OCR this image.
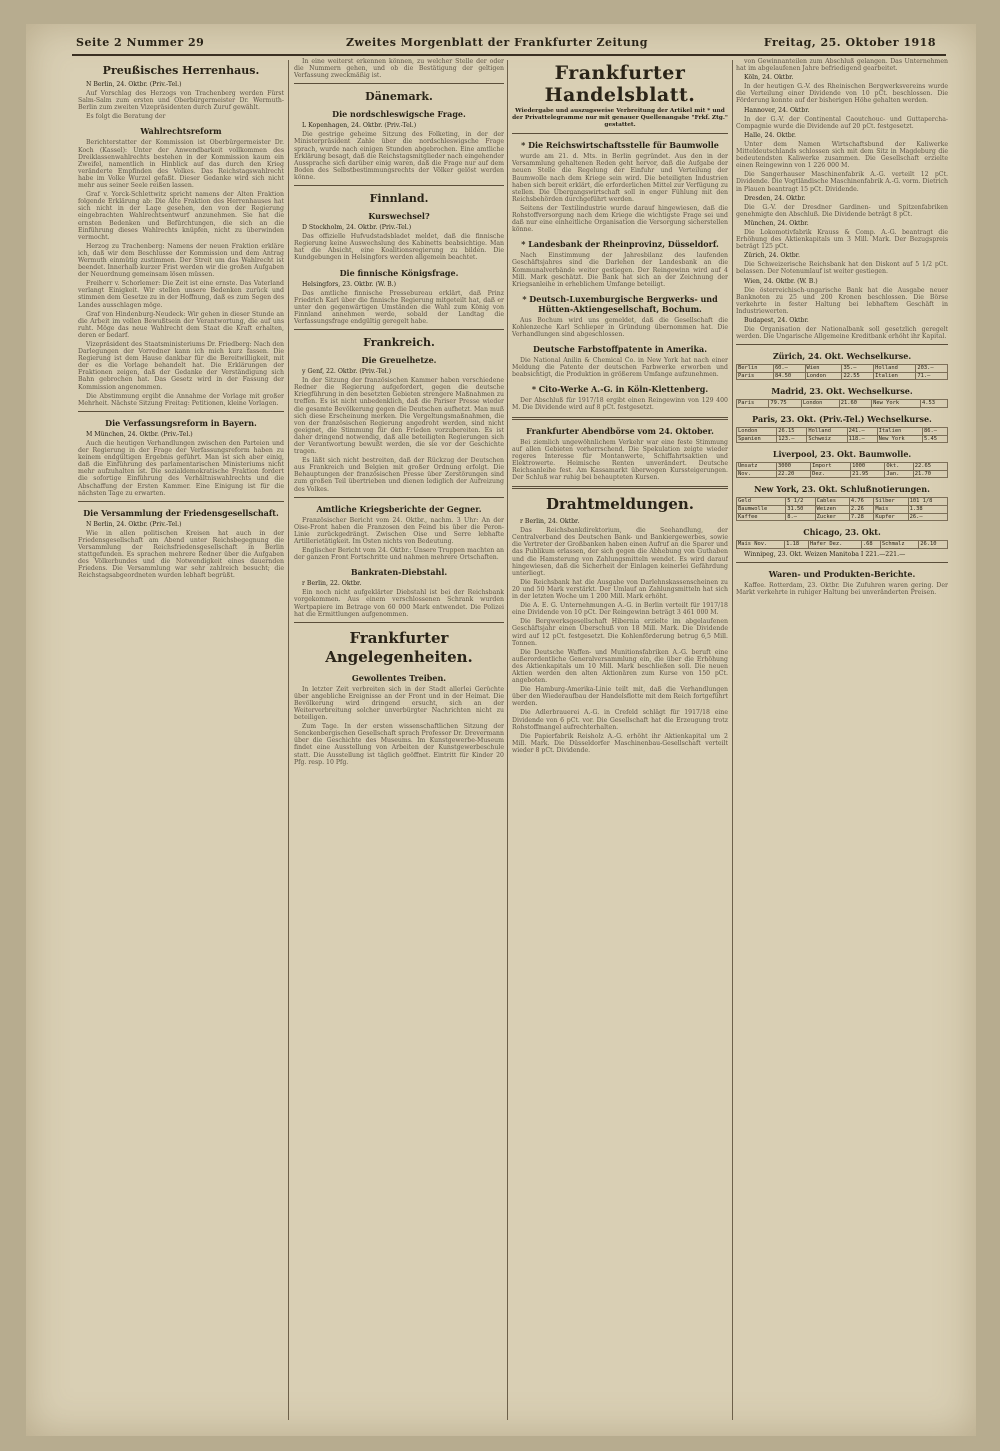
Seite 2 Nummer 29	Zweites Morgenblatt der Frankfurter Zeitung	Freitag, 25. Oktober 1918
Preußisches Herrenhaus.

N Berlin, 24. Oktbr. (Priv.-Tel.)

Auf Vorschlag des Herzogs von Trachenberg werden Fürst Salm-Salm zum ersten und Oberbürgermeister Dr. Wermuth-Berlin zum zweiten Vizepräsidenten durch Zuruf gewählt.

Es folgt die Beratung der

Wahlrechtsreform

Berichterstatter der Kommission ist Oberbürgermeister Dr. Koch (Kassel): Unter der Anwendbarkeit vollkommen des Dreiklassenwahlrechts bestehen in der Kommission kaum ein Zweifel, namentlich in Hinblick auf das durch den Krieg veränderte Empfinden des Volkes. Das Reichstagswahlrecht habe im Volke Wurzel gefaßt. Dieser Gedanke wird sich nicht mehr aus seiner Seele reißen lassen.

Graf v. Yorck-Schlettwitz spricht namens der Alten Fraktion folgende Erklärung ab: Die Alte Fraktion des Herrenhauses hat sich nicht in der Lage gesehen, den von der Regierung eingebrachten Wahlrechtsentwurf anzunehmen. Sie hat die ernsten Bedenken und Befürchtungen, die sich an die Einführung dieses Wahlrechts knüpfen, nicht zu überwinden vermocht.

Herzog zu Trachenberg: Namens der neuen Fraktion erkläre ich, daß wir dem Beschlusse der Kommission und dem Antrag Wermuth einmütig zustimmen. Der Streit um das Wahlrecht ist beendet. Innerhalb kurzer Frist werden wir die großen Aufgaben der Neuordnung gemeinsam lösen müssen.

Freiherr v. Schorlemer: Die Zeit ist eine ernste. Das Vaterland verlangt Einigkeit. Wir stellen unsere Bedenken zurück und stimmen dem Gesetze zu in der Hoffnung, daß es zum Segen des Landes ausschlagen möge.

Graf von Hindenburg-Neudeck: Wir gehen in dieser Stunde an die Arbeit im vollen Bewußtsein der Verantwortung, die auf uns ruht. Möge das neue Wahlrecht dem Staat die Kraft erhalten, deren er bedarf.

Vizepräsident des Staatsministeriums Dr. Friedberg: Nach den Darlegungen der Vorredner kann ich mich kurz fassen. Die Regierung ist dem Hause dankbar für die Bereitwilligkeit, mit der es die Vorlage behandelt hat. Die Erklärungen der Fraktionen zeigen, daß der Gedanke der Verständigung sich Bahn gebrochen hat. Das Gesetz wird in der Fassung der Kommission angenommen.

Die Abstimmung ergibt die Annahme der Vorlage mit großer Mehrheit. Nächste Sitzung Freitag: Petitionen, kleine Vorlagen.

Die Verfassungsreform in Bayern.

M München, 24. Oktbr. (Priv.-Tel.)

Auch die heutigen Verhandlungen zwischen den Parteien und der Regierung in der Frage der Verfassungsreform haben zu keinem endgültigen Ergebnis geführt. Man ist sich aber einig, daß die Einführung des parlamentarischen Ministeriums nicht mehr aufzuhalten ist. Die sozialdemokratische Fraktion fordert die sofortige Einführung des Verhältniswahlrechts und die Abschaffung der Ersten Kammer. Eine Einigung ist für die nächsten Tage zu erwarten.

Die Versammlung der Friedensgesellschaft.

N Berlin, 24. Oktbr. (Priv.-Tel.)

Wie in allen politischen Kreisen hat auch in der Friedensgesellschaft am Abend unter Reichsbegegnung die Versammlung der Reichsfriedensgesellschaft in Berlin stattgefunden. Es sprachen mehrere Redner über die Aufgaben des Völkerbundes und die Notwendigkeit eines dauernden Friedens. Die Versammlung war sehr zahlreich besucht; die Reichstagsabgeordneten wurden lebhaft begrüßt.

In eine weiterst erkennen können, zu welcher Stelle der oder die Nummern gehen, und ob die Bestätigung der geltigen Verfassung zweckmäßig ist.

Dänemark.
Die nordschleswigsche Frage.

L Kopenhagen, 24. Oktbr. (Priv.-Tel.)

Die gestrige geheime Sitzung des Folketing, in der der Ministerpräsident Zahle über die nordschleswigsche Frage sprach, wurde nach einigen Stunden abgebrochen. Eine amtliche Erklärung besagt, daß die Reichstagsmitglieder nach eingehender Aussprache sich darüber einig waren, daß die Frage nur auf dem Boden des Selbstbestimmungsrechts der Völker gelöst werden könne.

Finnland.
Kurswechsel?

D Stockholm, 24. Oktbr. (Priv.-Tel.)

Das offizielle Hufvudstadsbladet meldet, daß die finnische Regierung keine Auswechslung des Kabinetts beabsichtige. Man hat die Absicht, eine Koalitionsregierung zu bilden. Die Kundgebungen in Helsingfors werden allgemein beachtet.

Die finnische Königsfrage.

Helsingfors, 23. Oktbr. (W. B.)

Das amtliche finnische Pressebureau erklärt, daß Prinz Friedrich Karl über die finnische Regierung mitgeteilt hat, daß er unter den gegenwärtigen Umständen die Wahl zum König von Finnland annehmen werde, sobald der Landtag die Verfassungsfrage endgültig geregelt habe.

Frankreich.
Die Greuelhetze.

y Genf, 22. Oktbr. (Priv.-Tel.)

In der Sitzung der französischen Kammer haben verschiedene Redner die Regierung aufgefordert, gegen die deutsche Kriegführung in den besetzten Gebieten strengere Maßnahmen zu treffen. Es ist nicht unbedenklich, daß die Pariser Presse wieder die gesamte Bevölkerung gegen die Deutschen aufhetzt. Man muß sich diese Erscheinung merken. Die Vergeltungsmaßnahmen, die von der französischen Regierung angedroht werden, sind nicht geeignet, die Stimmung für den Frieden vorzubereiten. Es ist daher dringend notwendig, daß alle beteiligten Regierungen sich der Verantwortung bewußt werden, die sie vor der Geschichte tragen.

Es läßt sich nicht bestreiten, daß der Rückzug der Deutschen aus Frankreich und Belgien mit großer Ordnung erfolgt. Die Behauptungen der französischen Presse über Zerstörungen sind zum großen Teil übertrieben und dienen lediglich der Aufreizung des Volkes.

Amtliche Kriegsberichte der Gegner.

Französischer Bericht vom 24. Oktbr., nachm. 3 Uhr: An der Oise-Front haben die Franzosen den Feind bis über die Peron-Linie zurückgedrängt. Zwischen Oise und Serre lebhafte Artillerietätigkeit. Im Osten nichts von Bedeutung.

Englischer Bericht vom 24. Oktbr.: Unsere Truppen machten an der ganzen Front Fortschritte und nahmen mehrere Ortschaften.

Bankraten-Diebstahl.

r Berlin, 22. Oktbr.

Ein noch nicht aufgeklärter Diebstahl ist bei der Reichsbank vorgekommen. Aus einem verschlossenen Schrank wurden Wertpapiere im Betrage von 60 000 Mark entwendet. Die Polizei hat die Ermittlungen aufgenommen.

Frankfurter Angelegenheiten.
Gewollentes Treiben.

In letzter Zeit verbreiten sich in der Stadt allerlei Gerüchte über angebliche Ereignisse an der Front und in der Heimat. Die Bevölkerung wird dringend ersucht, sich an der Weiterverbreitung solcher unverbürgter Nachrichten nicht zu beteiligen.

Zum Tage. In der ersten wissenschaftlichen Sitzung der Senckenbergischen Gesellschaft sprach Professor Dr. Drevermann über die Geschichte des Museums. Im Kunstgewerbe-Museum findet eine Ausstellung von Arbeiten der Kunstgewerbeschule statt. Die Ausstellung ist täglich geöffnet. Eintritt für Kinder 20 Pfg. resp. 10 Pfg.

Frankfurter Handelsblatt.
Wiedergabe und auszugsweise Verbreitung der Artikel mit * und der Privattelegramme nur mit genauer Quellenangabe "Frkf. Ztg." gestattet.
* Die Reichswirtschaftsstelle für Baumwolle

wurde am 21. d. Mts. in Berlin gegründet. Aus den in der Versammlung gehaltenen Reden geht hervor, daß die Aufgabe der neuen Stelle die Regelung der Einfuhr und Verteilung der Baumwolle nach dem Kriege sein wird. Die beteiligten Industrien haben sich bereit erklärt, die erforderlichen Mittel zur Verfügung zu stellen. Die Übergangswirtschaft soll in enger Fühlung mit den Reichsbehörden durchgeführt werden.

Seitens der Textilindustrie wurde darauf hingewiesen, daß die Rohstoffversorgung nach dem Kriege die wichtigste Frage sei und daß nur eine einheitliche Organisation die Versorgung sicherstellen könne.

* Landesbank der Rheinprovinz, Düsseldorf.

Nach Einstimmung der Jahresbilanz des laufenden Geschäftsjahres sind die Darlehen der Landesbank an die Kommunalverbände weiter gestiegen. Der Reingewinn wird auf 4 Mill. Mark geschätzt. Die Bank hat sich an der Zeichnung der Kriegsanleihe in erheblichem Umfange beteiligt.

* Deutsch-Luxemburgische Bergwerks- und Hütten-Aktiengesellschaft, Bochum.

Aus Bochum wird uns gemeldet, daß die Gesellschaft die Kohlenzeche Karl Schlieper in Gründung übernommen hat. Die Verhandlungen sind abgeschlossen.

Deutsche Farbstoffpatente in Amerika.

Die National Anilin & Chemical Co. in New York hat nach einer Meldung die Patente der deutschen Farbwerke erworben und beabsichtigt, die Produktion in größerem Umfange aufzunehmen.

* Cito-Werke A.-G. in Köln-Klettenberg.

Der Abschluß für 1917/18 ergibt einen Reingewinn von 129 400 M. Die Dividende wird auf 8 pCt. festgesetzt.

Frankfurter Abendbörse vom 24. Oktober.

Bei ziemlich ungewöhnlichem Verkehr war eine feste Stimmung auf allen Gebieten vorherrschend. Die Spekulation zeigte wieder regeres Interesse für Montanwerte, Schiffahrtsaktien und Elektrowerte. Heimische Renten unverändert. Deutsche Reichsanleihe fest. Am Kassamarkt überwogen Kurssteigerungen. Der Schluß war ruhig bei behaupteten Kursen.

Drahtmeldungen.

r Berlin, 24. Oktbr.

Das Reichsbankdirektorium, die Seehandlung, der Centralverband des Deutschen Bank- und Bankiergewerbes, sowie die Vertreter der Großbanken haben einen Aufruf an die Sparer und das Publikum erlassen, der sich gegen die Abhebung von Guthaben und die Hamsterung von Zahlungsmitteln wendet. Es wird darauf hingewiesen, daß die Sicherheit der Einlagen keinerlei Gefährdung unterliegt.

Die Reichsbank hat die Ausgabe von Darlehnskassenscheinen zu 20 und 50 Mark verstärkt. Der Umlauf an Zahlungsmitteln hat sich in der letzten Woche um 1 200 Mill. Mark erhöht.

Die A. E. G. Unternehmungen A.-G. in Berlin verteilt für 1917/18 eine Dividende von 10 pCt. Der Reingewinn beträgt 3 461 000 M.

Die Bergwerksgesellschaft Hibernia erzielte im abgelaufenen Geschäftsjahr einen Überschuß von 18 Mill. Mark. Die Dividende wird auf 12 pCt. festgesetzt. Die Kohlenförderung betrug 6,5 Mill. Tonnen.

Die Deutsche Waffen- und Munitionsfabriken A.-G. beruft eine außerordentliche Generalversammlung ein, die über die Erhöhung des Aktienkapitals um 10 Mill. Mark beschließen soll. Die neuen Aktien werden den alten Aktionären zum Kurse von 150 pCt. angeboten.

Die Hamburg-Amerika-Linie teilt mit, daß die Verhandlungen über den Wiederaufbau der Handelsflotte mit dem Reich fortgeführt werden.

Die Adlerbrauerei A.-G. in Crefeld schlägt für 1917/18 eine Dividende von 6 pCt. vor. Die Gesellschaft hat die Erzeugung trotz Rohstoffmangel aufrechterhalten.

Die Papierfabrik Reisholz A.-G. erhöht ihr Aktienkapital um 2 Mill. Mark. Die Düsseldorfer Maschinenbau-Gesellschaft verteilt wieder 8 pCt. Dividende.

von Gewinnanteilen zum Abschluß gelangen. Das Unternehmen hat im abgelaufenen Jahre befriedigend gearbeitet.

Köln, 24. Oktbr.

In der heutigen G.-V. des Rheinischen Bergwerksvereins wurde die Verteilung einer Dividende von 10 pCt. beschlossen. Die Förderung konnte auf der bisherigen Höhe gehalten werden.

Hannover, 24. Oktbr.

In der G.-V. der Continental Caoutchouc- und Guttapercha-Compagnie wurde die Dividende auf 20 pCt. festgesetzt.

Halle, 24. Oktbr.

Unter dem Namen Wirtschaftsbund der Kaliwerke Mitteldeutschlands schlossen sich mit dem Sitz in Magdeburg die bedeutendsten Kaliwerke zusammen. Die Gesellschaft erzielte einen Reingewinn von 1 226 000 M.

Die Sangerhauser Maschinenfabrik A.-G. verteilt 12 pCt. Dividende. Die Vogtländische Maschinenfabrik A.-G. vorm. Dietrich in Plauen beantragt 15 pCt. Dividende.

Dresden, 24. Oktbr.

Die G.-V. der Dresdner Gardinen- und Spitzenfabriken genehmigte den Abschluß. Die Dividende beträgt 8 pCt.

München, 24. Oktbr.

Die Lokomotivfabrik Krauss & Comp. A.-G. beantragt die Erhöhung des Aktienkapitals um 3 Mill. Mark. Der Bezugspreis beträgt 125 pCt.

Zürich, 24. Oktbr.

Die Schweizerische Reichsbank hat den Diskont auf 5 1/2 pCt. belassen. Der Notenumlauf ist weiter gestiegen.

Wien, 24. Oktbr. (W. B.)

Die österreichisch-ungarische Bank hat die Ausgabe neuer Banknoten zu 25 und 200 Kronen beschlossen. Die Börse verkehrte in fester Haltung bei lebhaftem Geschäft in Industriewerten.

Budapest, 24. Oktbr.

Die Organisation der Nationalbank soll gesetzlich geregelt werden. Die Ungarische Allgemeine Kreditbank erhöht ihr Kapital.

Zürich, 24. Okt. Wechselkurse.
Berlin	60.—	Wien	35.—	Holland	203.—
Paris	84.50	London	22.55	Italien	71.—
Madrid, 23. Okt. Wechselkurse.
Paris	79.75	London	21.60	New York	4.53
Paris, 23. Okt. (Priv.-Tel.) Wechselkurse.
London	26.15	Holland	241.—	Italien	86.—
Spanien	123.—	Schweiz	118.—	New York	5.45
Liverpool, 23. Okt. Baumwolle.
Umsatz	3000	Import	1000	Okt.	22.65
Nov.	22.20	Dez.	21.95	Jan.	21.70
New York, 23. Okt. Schlußnotierungen.
Geld	5 1/2	Cables	4.76	Silber	101 1/8
Baumwolle	31.50	Weizen	2.26	Mais	1.38
Kaffee	8.—	Zucker	7.28	Kupfer	26.—
Chicago, 23. Okt.
Mais Nov.	1.18	Hafer Dez.	.68	Schmalz	26.10

Winnipeg, 23. Okt. Weizen Manitoba I 221.—221.—

Waren- und Produkten-Berichte.

Kaffee. Rotterdam, 23. Oktbr. Die Zufuhren waren gering. Der Markt verkehrte in ruhiger Haltung bei unveränderten Preisen.
